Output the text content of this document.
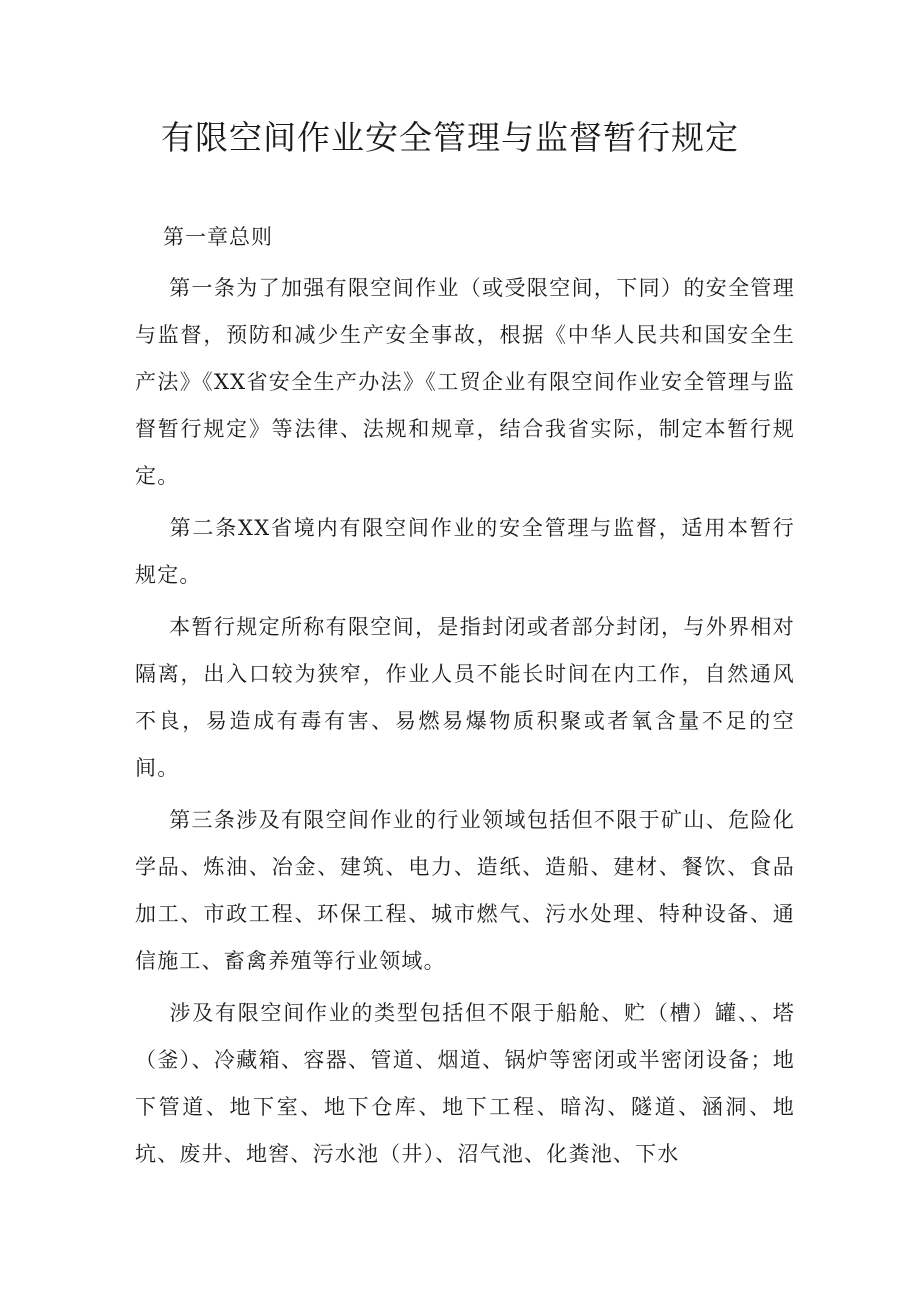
有限空间作业安全管理与监督暂行规定

第一章总则

第一条为了加强有限空间作业（或受限空间，下同）的安全管理与监督，预防和减少生产安全事故，根据《中华人民共和国安全生产法》《XX省安全生产办法》《工贸企业有限空间作业安全管理与监督暂行规定》等法律、法规和规章，结合我省实际，制定本暂行规定。

第二条XX省境内有限空间作业的安全管理与监督，适用本暂行规定。

本暂行规定所称有限空间，是指封闭或者部分封闭，与外界相对隔离，出入口较为狭窄，作业人员不能长时间在内工作，自然通风不良，易造成有毒有害、易燃易爆物质积聚或者氧含量不足的空间。

第三条涉及有限空间作业的行业领域包括但不限于矿山、危险化学品、炼油、冶金、建筑、电力、造纸、造船、建材、餐饮、食品加工、市政工程、环保工程、城市燃气、污水处理、特种设备、通信施工、畜禽养殖等行业领域。

涉及有限空间作业的类型包括但不限于船舱、贮（槽）罐、、塔（釜）、冷藏箱、容器、管道、烟道、锅炉等密闭或半密闭设备；地下管道、地下室、地下仓库、地下工程、暗沟、隧道、涵洞、地坑、废井、地窖、污水池（井）、沼气池、化粪池、下水
